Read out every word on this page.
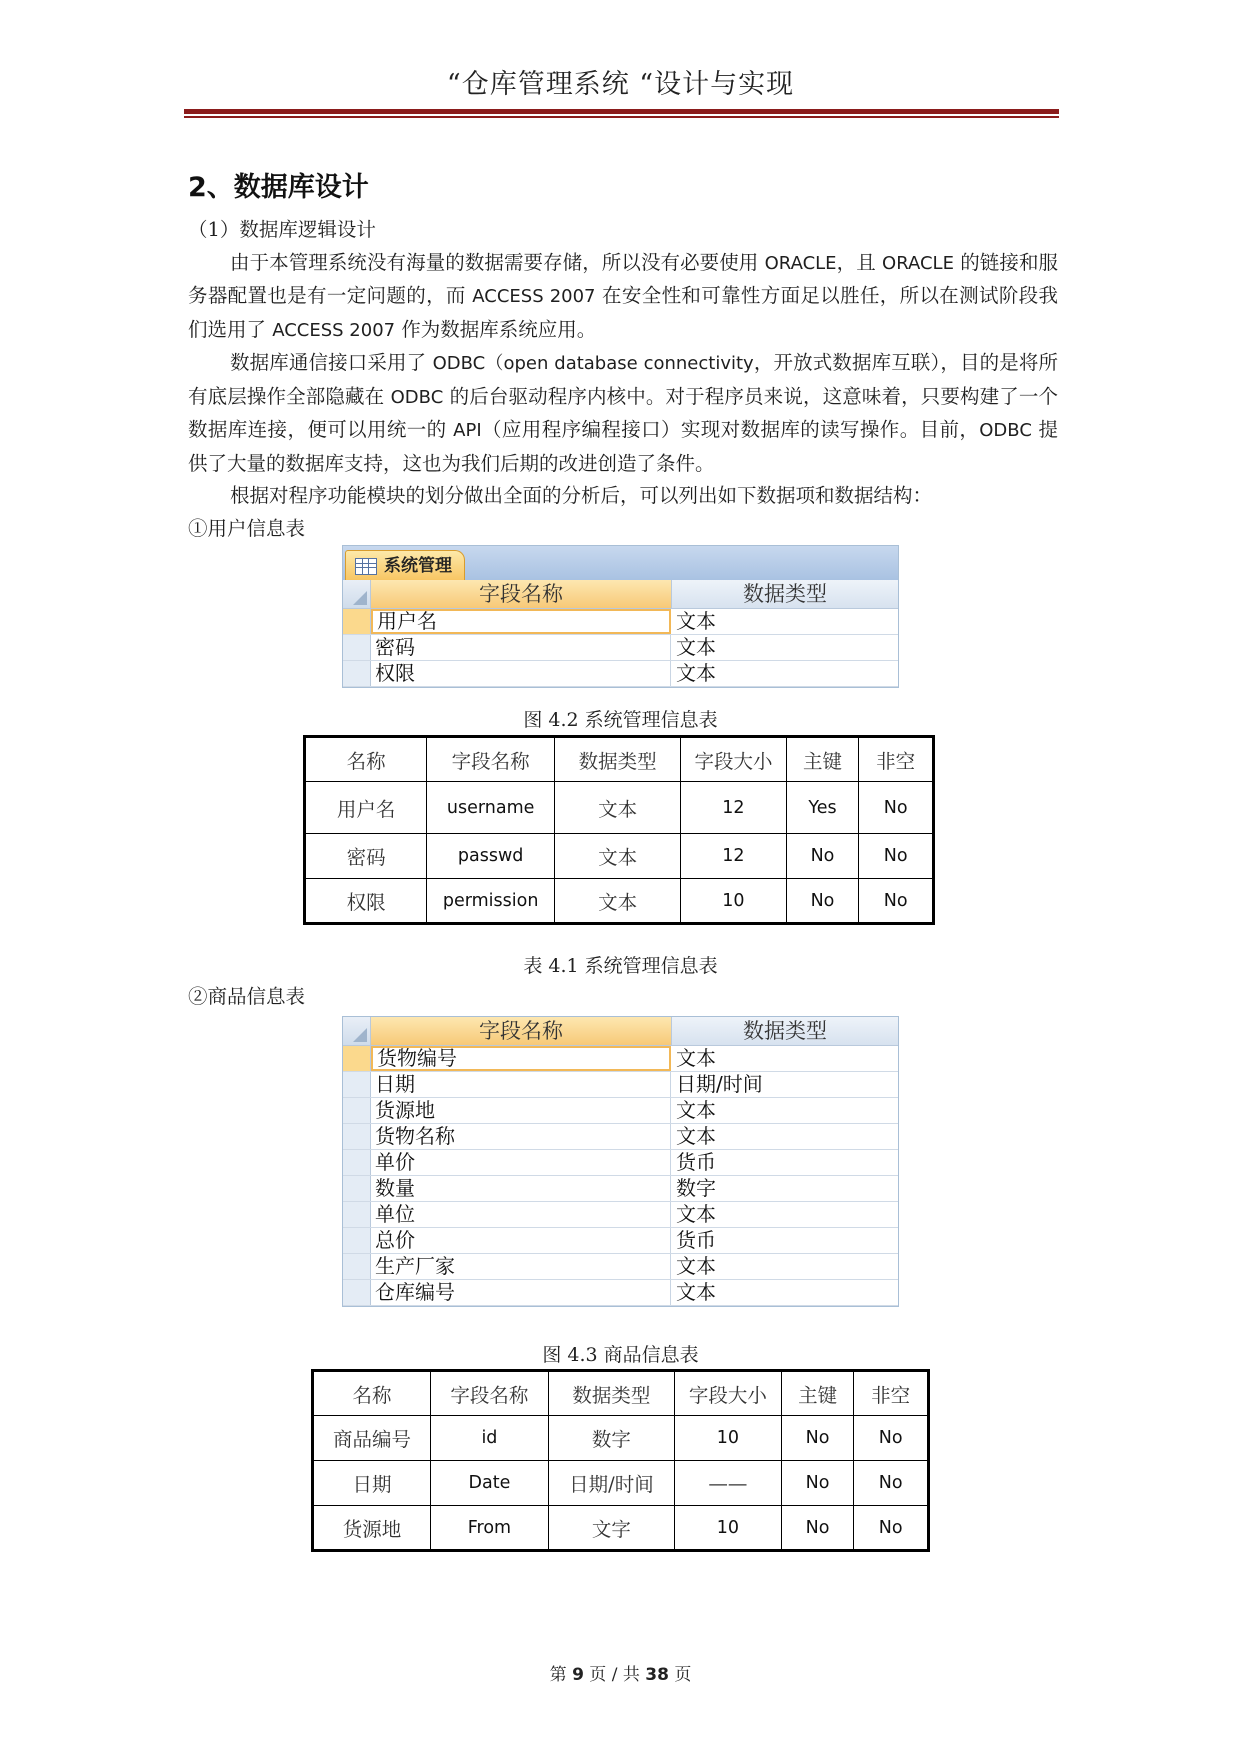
“仓库管理系统 “设计与实现
2、数据库设计

（1）数据库逻辑设计

由于本管理系统没有海量的数据需要存储，所以没有必要使用 ORACLE，且 ORACLE 的链接和服务器配置也是有一定问题的，而 ACCESS 2007 在安全性和可靠性方面足以胜任，所以在测试阶段我们选用了 ACCESS 2007 作为数据库系统应用。

数据库通信接口采用了 ODBC（open database connectivity，开放式数据库互联），目的是将所有底层操作全部隐藏在 ODBC 的后台驱动程序内核中。对于程序员来说，这意味着，只要构建了一个数据库连接，便可以用统一的 API（应用程序编程接口）实现对数据库的读写操作。目前，ODBC 提供了大量的数据库支持，这也为我们后期的改进创造了条件。

根据对程序功能模块的划分做出全面的分析后，可以列出如下数据项和数据结构：

①用户信息表

系统管理
字段名称	数据类型
用户名	文本
密码	文本
权限	文本
图 4.2 系统管理信息表
名称	字段名称	数据类型	字段大小	主键	非空
用户名	username	文本	12	Yes	No
密码	passwd	文本	12	No	No
权限	permission	文本	10	No	No
表 4.1 系统管理信息表

②商品信息表

字段名称	数据类型
货物编号	文本
日期	日期/时间
货源地	文本
货物名称	文本
单价	货币
数量	数字
单位	文本
总价	货币
生产厂家	文本
仓库编号	文本
图 4.3 商品信息表
名称	字段名称	数据类型	字段大小	主键	非空
商品编号	id	数字	10	No	No
日期	Date	日期/时间	——	No	No
货源地	From	文字	10	No	No
第 9 页 / 共 38 页
